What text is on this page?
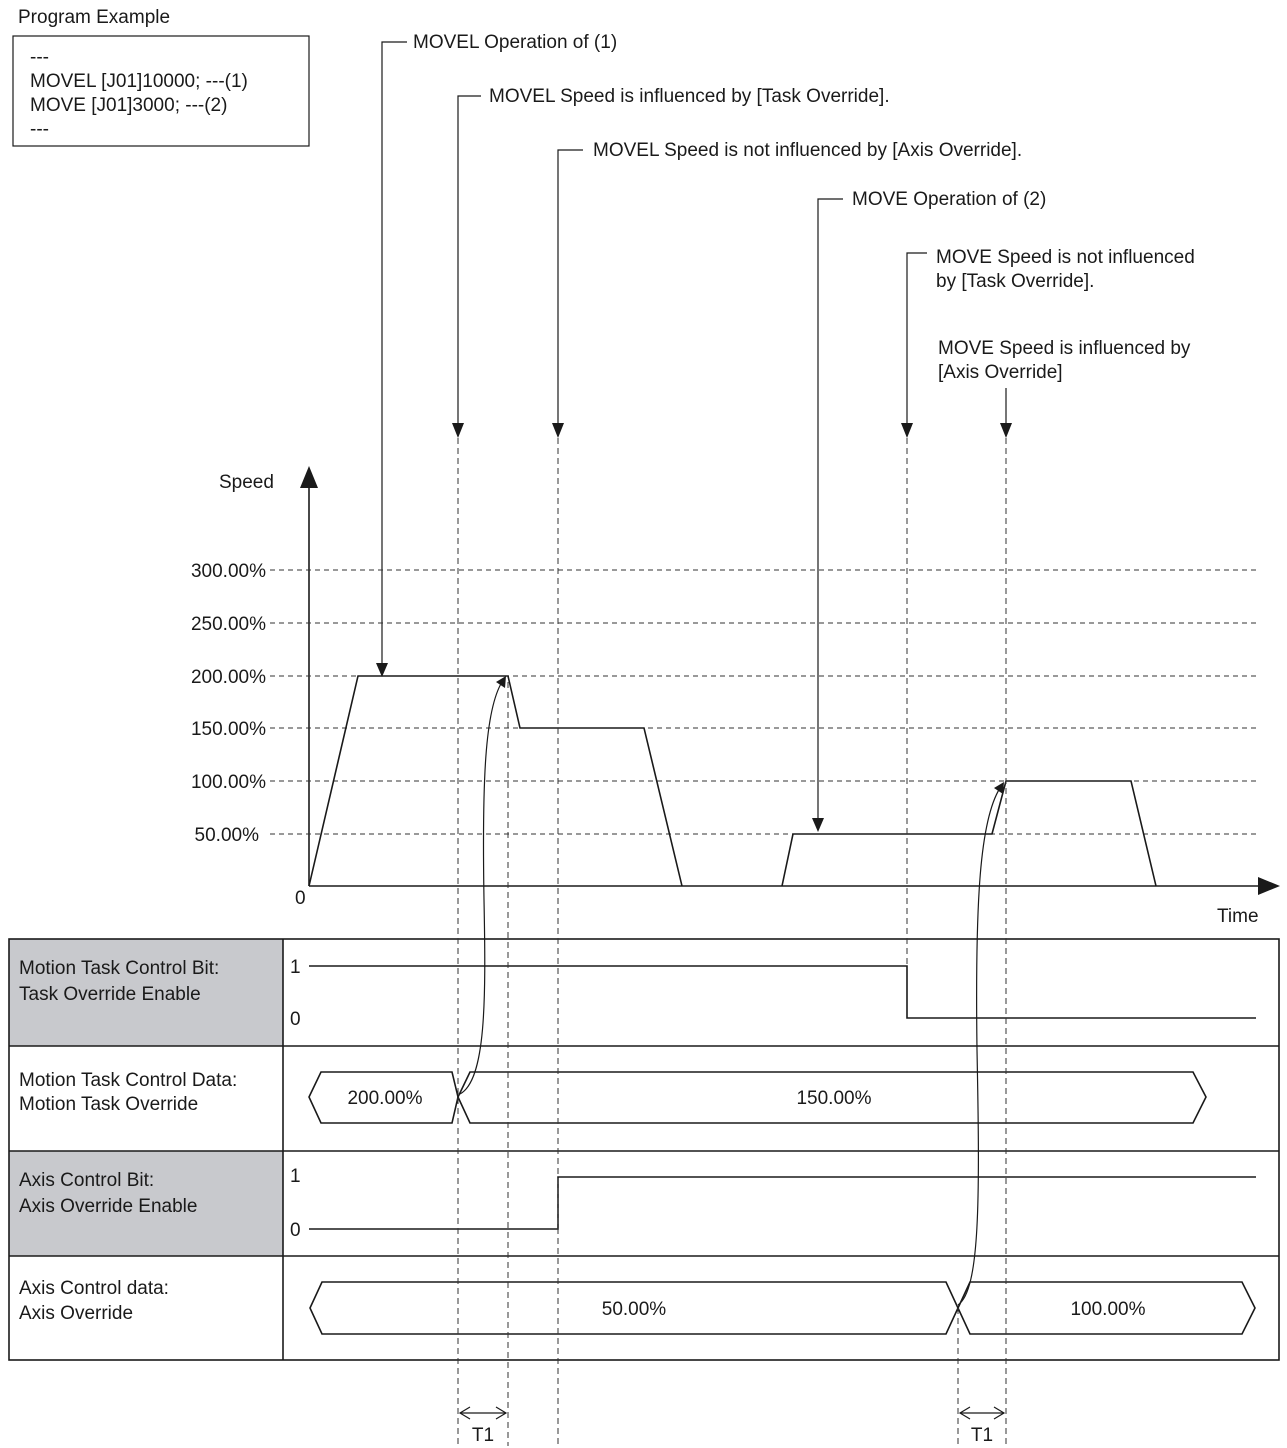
Program Example
---
MOVEL [J01]10000; ---(1)
MOVE [J01]3000; ---(2)
---
MOVEL Operation of (1)
MOVEL Speed is influenced by [Task Override].
MOVEL Speed is not influenced by [Axis Override].
MOVE Operation of (2)
MOVE Speed is not influenced
by [Task Override].
MOVE Speed is influenced by
[Axis Override]
Speed
Time
0
300.00%
250.00%
200.00%
150.00%
100.00%
50.00%
Motion Task Control Bit:
Task Override Enable
1
0
Motion Task Control Data:
Motion Task Override	200.00%	150.00%
Axis Control Bit:
Axis Override Enable
1
0
Axis Control data:
Axis Override	50.00%	100.00%
T1	T1
